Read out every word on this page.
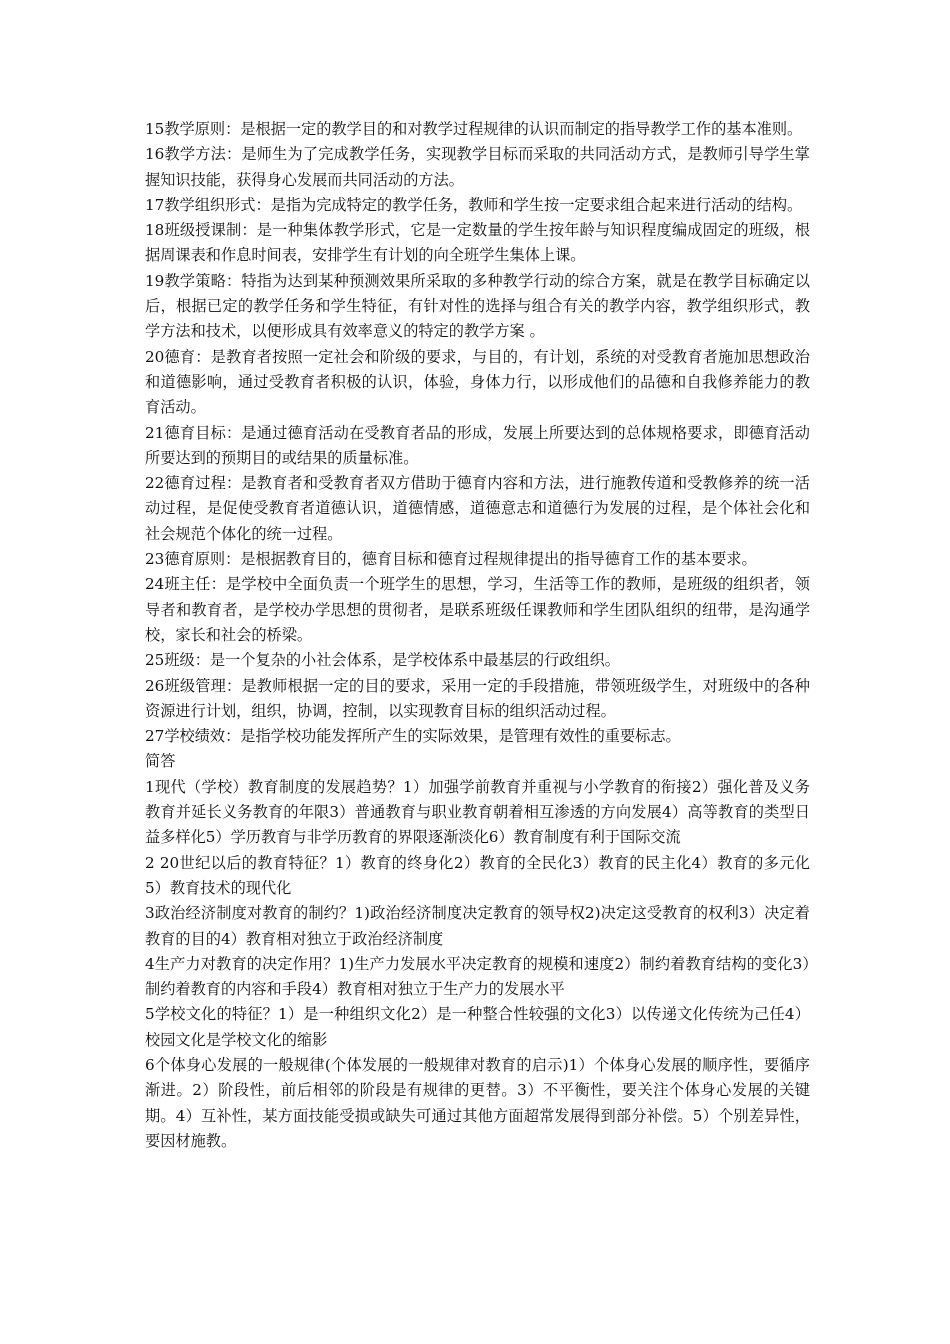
15教学原则：是根据一定的教学目的和对教学过程规律的认识而制定的指导教学工作的基本准则。

16教学方法：是师生为了完成教学任务，实现教学目标而采取的共同活动方式，是教师引导学生掌握知识技能，获得身心发展而共同活动的方法。

17教学组织形式：是指为完成特定的教学任务，教师和学生按一定要求组合起来进行活动的结构。

18班级授课制：是一种集体教学形式，它是一定数量的学生按年龄与知识程度编成固定的班级，根据周课表和作息时间表，安排学生有计划的向全班学生集体上课。

19教学策略：特指为达到某种预测效果所采取的多种教学行动的综合方案，就是在教学目标确定以后，根据已定的教学任务和学生特征，有针对性的选择与组合有关的教学内容，教学组织形式，教学方法和技术，以便形成具有效率意义的特定的教学方案 。

20德育：是教育者按照一定社会和阶级的要求，与目的，有计划，系统的对受教育者施加思想政治和道德影响，通过受教育者积极的认识，体验，身体力行，以形成他们的品德和自我修养能力的教育活动。

21德育目标：是通过德育活动在受教育者品的形成，发展上所要达到的总体规格要求，即德育活动所要达到的预期目的或结果的质量标准。

22德育过程：是教育者和受教育者双方借助于德育内容和方法，进行施教传道和受教修养的统一活动过程，是促使受教育者道德认识，道德情感，道德意志和道德行为发展的过程，是个体社会化和社会规范个体化的统一过程。

23德育原则：是根据教育目的，德育目标和德育过程规律提出的指导德育工作的基本要求。

24班主任：是学校中全面负责一个班学生的思想，学习，生活等工作的教师，是班级的组织者，领导者和教育者，是学校办学思想的贯彻者，是联系班级任课教师和学生团队组织的纽带，是沟通学校，家长和社会的桥梁。

25班级：是一个复杂的小社会体系，是学校体系中最基层的行政组织。

26班级管理：是教师根据一定的目的要求，采用一定的手段措施，带领班级学生，对班级中的各种资源进行计划，组织，协调，控制，以实现教育目标的组织活动过程。

27学校绩效：是指学校功能发挥所产生的实际效果，是管理有效性的重要标志。

简答

1现代（学校）教育制度的发展趋势？1）加强学前教育并重视与小学教育的衔接2）强化普及义务教育并延长义务教育的年限3）普通教育与职业教育朝着相互渗透的方向发展4）高等教育的类型日益多样化5）学历教育与非学历教育的界限逐渐淡化6）教育制度有利于国际交流

2 20世纪以后的教育特征？1）教育的终身化2）教育的全民化3）教育的民主化4）教育的多元化5）教育技术的现代化

3政治经济制度对教育的制约？1)政治经济制度决定教育的领导权2)决定这受教育的权利3）决定着教育的目的4）教育相对独立于政治经济制度

4生产力对教育的决定作用？1)生产力发展水平决定教育的规模和速度2）制约着教育结构的变化3）制约着教育的内容和手段4）教育相对独立于生产力的发展水平

5学校文化的特征？1）是一种组织文化2）是一种整合性较强的文化3）以传递文化传统为己任4）校园文化是学校文化的缩影

6个体身心发展的一般规律(个体发展的一般规律对教育的启示)1）个体身心发展的顺序性，要循序渐进。2）阶段性，前后相邻的阶段是有规律的更替。3）不平衡性，要关注个体身心发展的关键期。4）互补性，某方面技能受损或缺失可通过其他方面超常发展得到部分补偿。5）个别差异性，要因材施教。
